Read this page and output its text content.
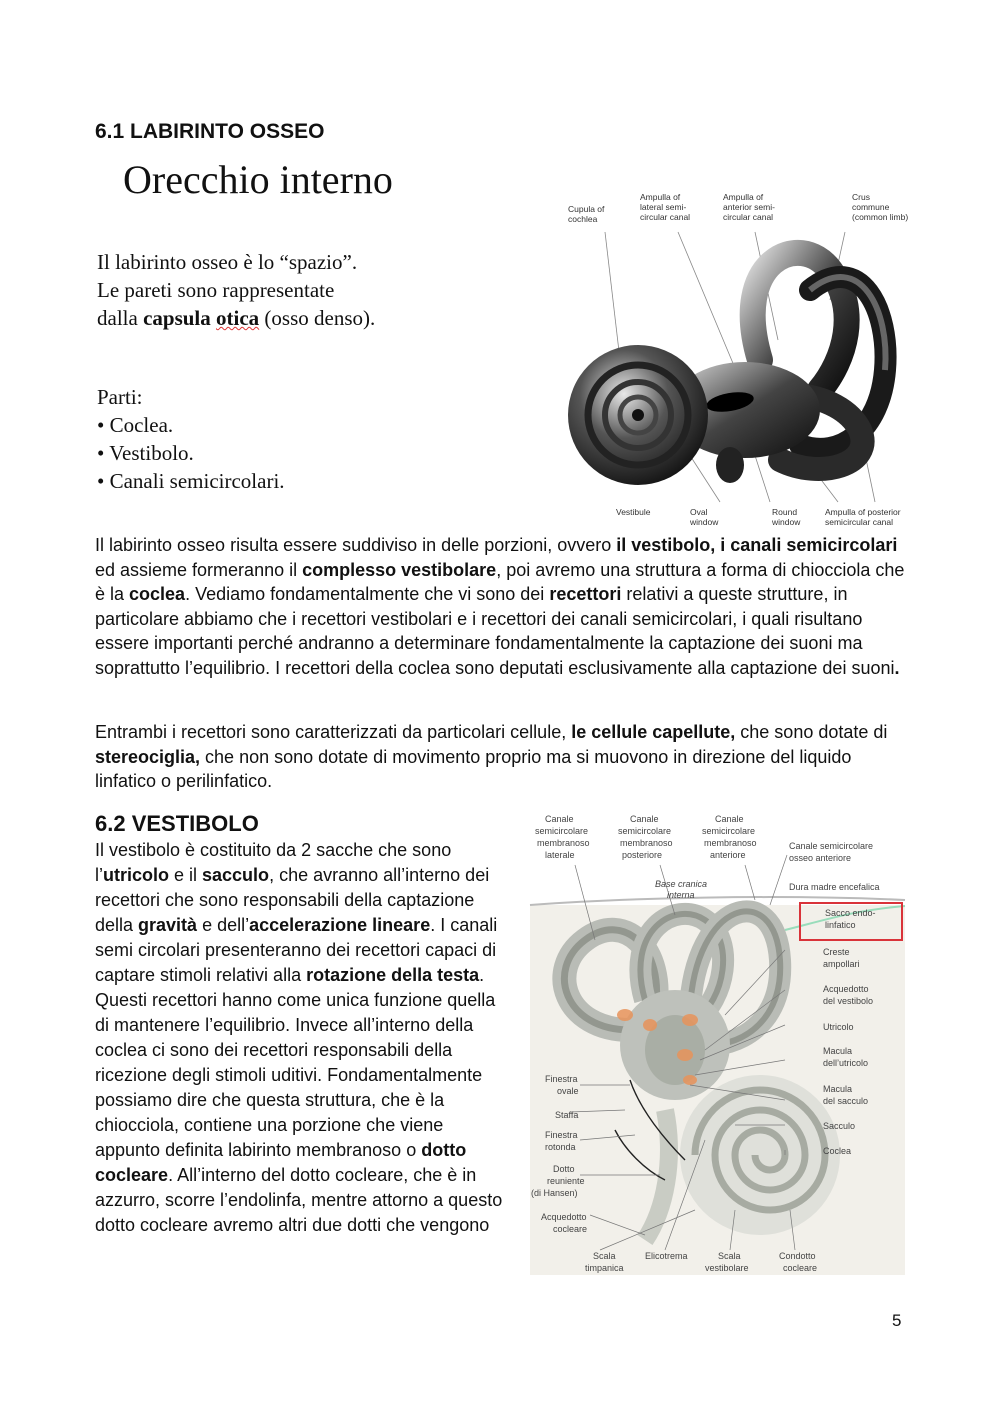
6.1 LABIRINTO OSSEO
Orecchio interno
Il labirinto osseo è lo “spazio”.
Le pareti sono rappresentate
dalla capsula otica (osso denso).
Parti:
• Coclea.
• Vestibolo.
• Canali semicircolari.
Cupula of cochlea
Ampulla of lateral semi-circular canal
Ampulla of anterior semi-circular canal
Crus commune (common limb)
Vestibule	Oval window
Round window
Ampulla of posterior semicircular canal

Il labirinto osseo risulta essere suddiviso in delle porzioni, ovvero il vestibolo, i canali semicircolari ed assieme formeranno il complesso vestibolare, poi avremo una struttura a forma di chiocciola che è la coclea. Vediamo fondamentalmente che vi sono dei recettori relativi a queste strutture, in particolare abbiamo che i recettori vestibolari e i recettori dei canali semicircolari, i quali risultano essere importanti perché andranno a determinare fondamentalmente la captazione dei suoni ma soprattutto l’equilibrio. I recettori della coclea sono deputati esclusivamente alla captazione dei suoni.

Entrambi i recettori sono caratterizzati da particolari cellule, le cellule capellute, che sono dotate di stereociglia, che non sono dotate di movimento proprio ma si muovono in direzione del liquido linfatico o perilinfatico.

6.2 VESTIBOLO

Il vestibolo è costituito da 2 sacche che sono l’utricolo e il sacculo, che avranno all’interno dei recettori che sono responsabili della captazione della gravità e dell’accelerazione lineare. I canali semi circolari presenteranno dei recettori capaci di captare stimoli relativi alla rotazione della testa. Questi recettori hanno come unica funzione quella di mantenere l’equilibrio. Invece all’interno della coclea ci sono dei recettori responsabili della ricezione degli stimoli uditivi. Fondamentalmente possiamo dire che questa struttura, che è la chiocciola, contiene una porzione che viene appunto definita labirinto membranoso o dotto cocleare. All’interno del dotto cocleare, che è in azzurro, scorre l’endolinfa, mentre attorno a questo dotto cocleare avremo altri due dotti che vengono

Canale semicircolare membranoso laterale
Canale semicircolare membranoso posteriore
Canale semicircolare membranoso anteriore
Canale semicircolare osseo anteriore
Base cranica interna
Dura madre encefalica
Sacco endo-linfatico
Creste ampollari
Acquedotto del vestibolo
Utricolo
Macula dell’utricolo
Macula del sacculo
Sacculo
Coclea
Finestra ovale
Staffa
Finestra rotonda
Dotto reuniente (di Hansen)
Acquedotto cocleare
Scala timpanica
Elicotrema	Scala vestibolare
Condotto cocleare
5
